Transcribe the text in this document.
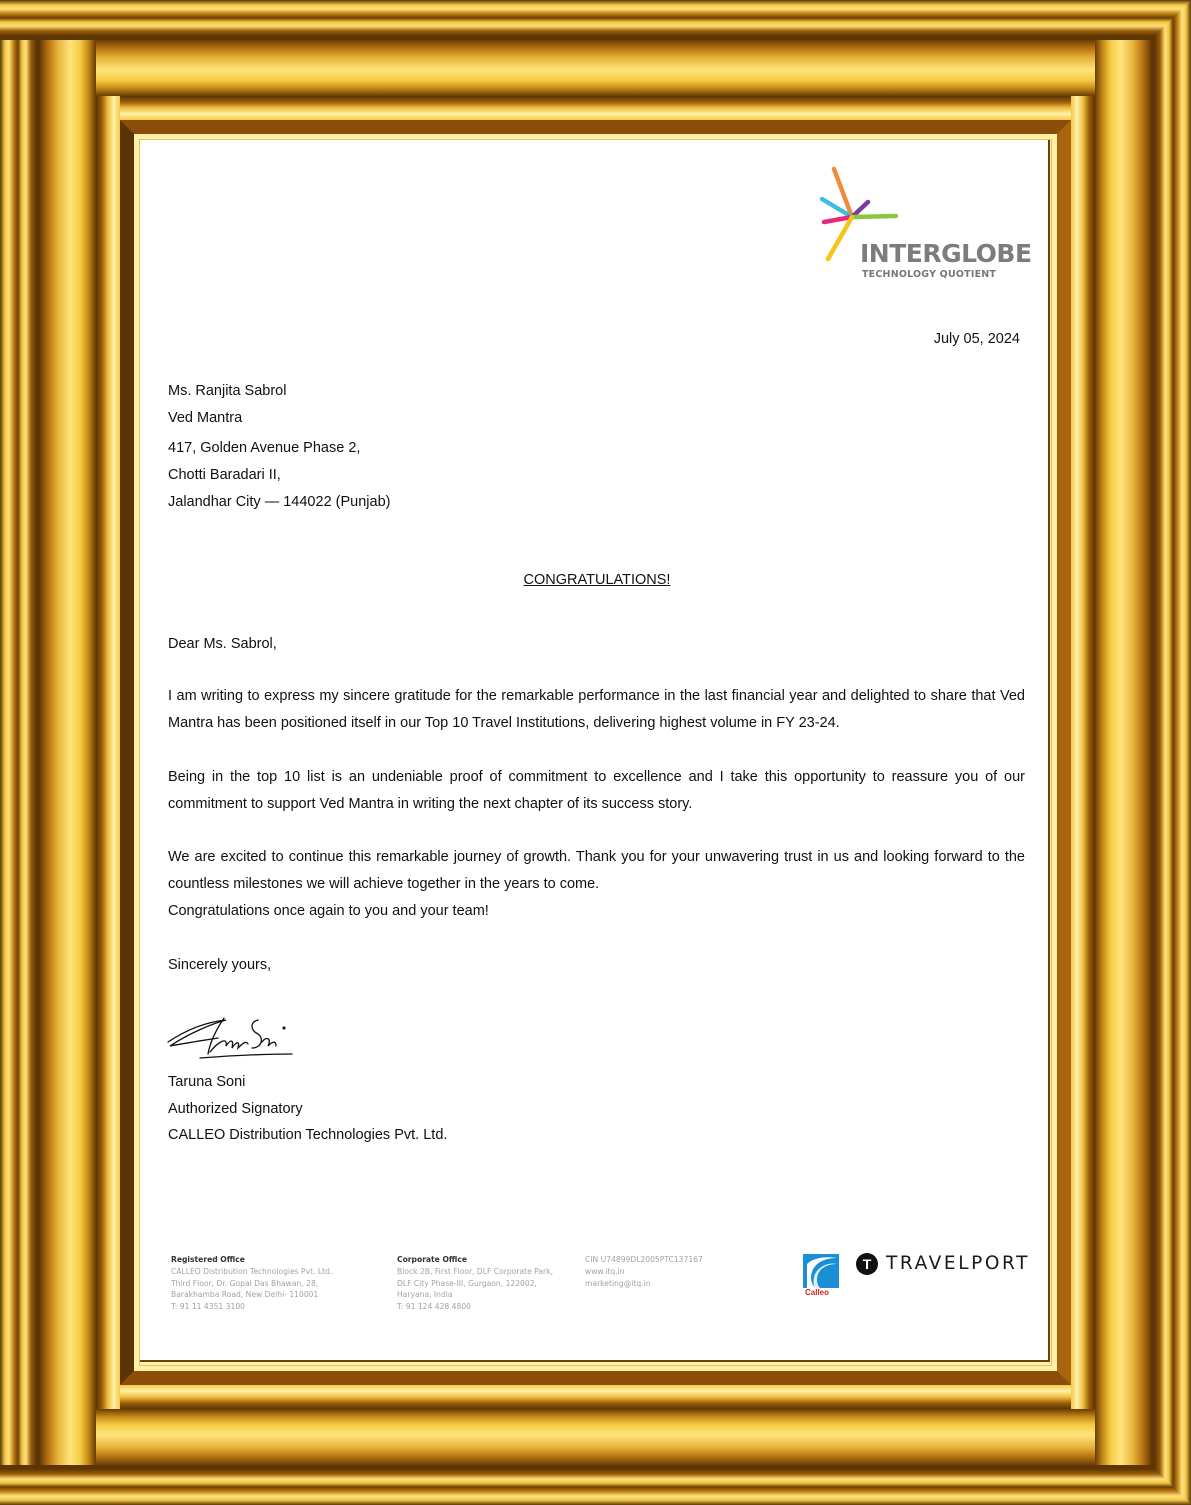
INTERGLOBE
TECHNOLOGY QUOTIENT
July 05, 2024
Ms. Ranjita Sabrol
Ved Mantra
417, Golden Avenue Phase 2,
Chotti Baradari II,
Jalandhar City — 144022 (Punjab)
CONGRATULATIONS!
Dear Ms. Sabrol,
I am writing to express my sincere gratitude for the remarkable performance in the last financial year and delighted to share that Ved Mantra has been positioned itself in our Top 10 Travel Institutions, delivering highest volume in FY 23-24.
Being in the top 10 list is an undeniable proof of commitment to excellence and I take this opportunity to reassure you of our commitment to support Ved Mantra in writing the next chapter of its success story.
We are excited to continue this remarkable journey of growth. Thank you for your unwavering trust in us and looking forward to the countless milestones we will achieve together in the years to come.
Congratulations once again to you and your team!
Sincerely yours,
Taruna Soni
Authorized Signatory
CALLEO Distribution Technologies Pvt. Ltd.
Registered Office
CALLEO Distribution Technologies Pvt. Ltd.
Third Floor, Dr. Gopal Das Bhawan, 28,
Barakhamba Road, New Delhi- 110001
T: 91 11 4351 3100
Corporate Office
Block 2B, First Floor, DLF Corporate Park,
DLF City Phase-III, Gurgaon, 122002,
Haryana, India
T: 91 124 428 4800
CIN U74899DL2005PTC137167
www.itq.in
marketing@itq.in
Calleo
T TRAVELPORT
